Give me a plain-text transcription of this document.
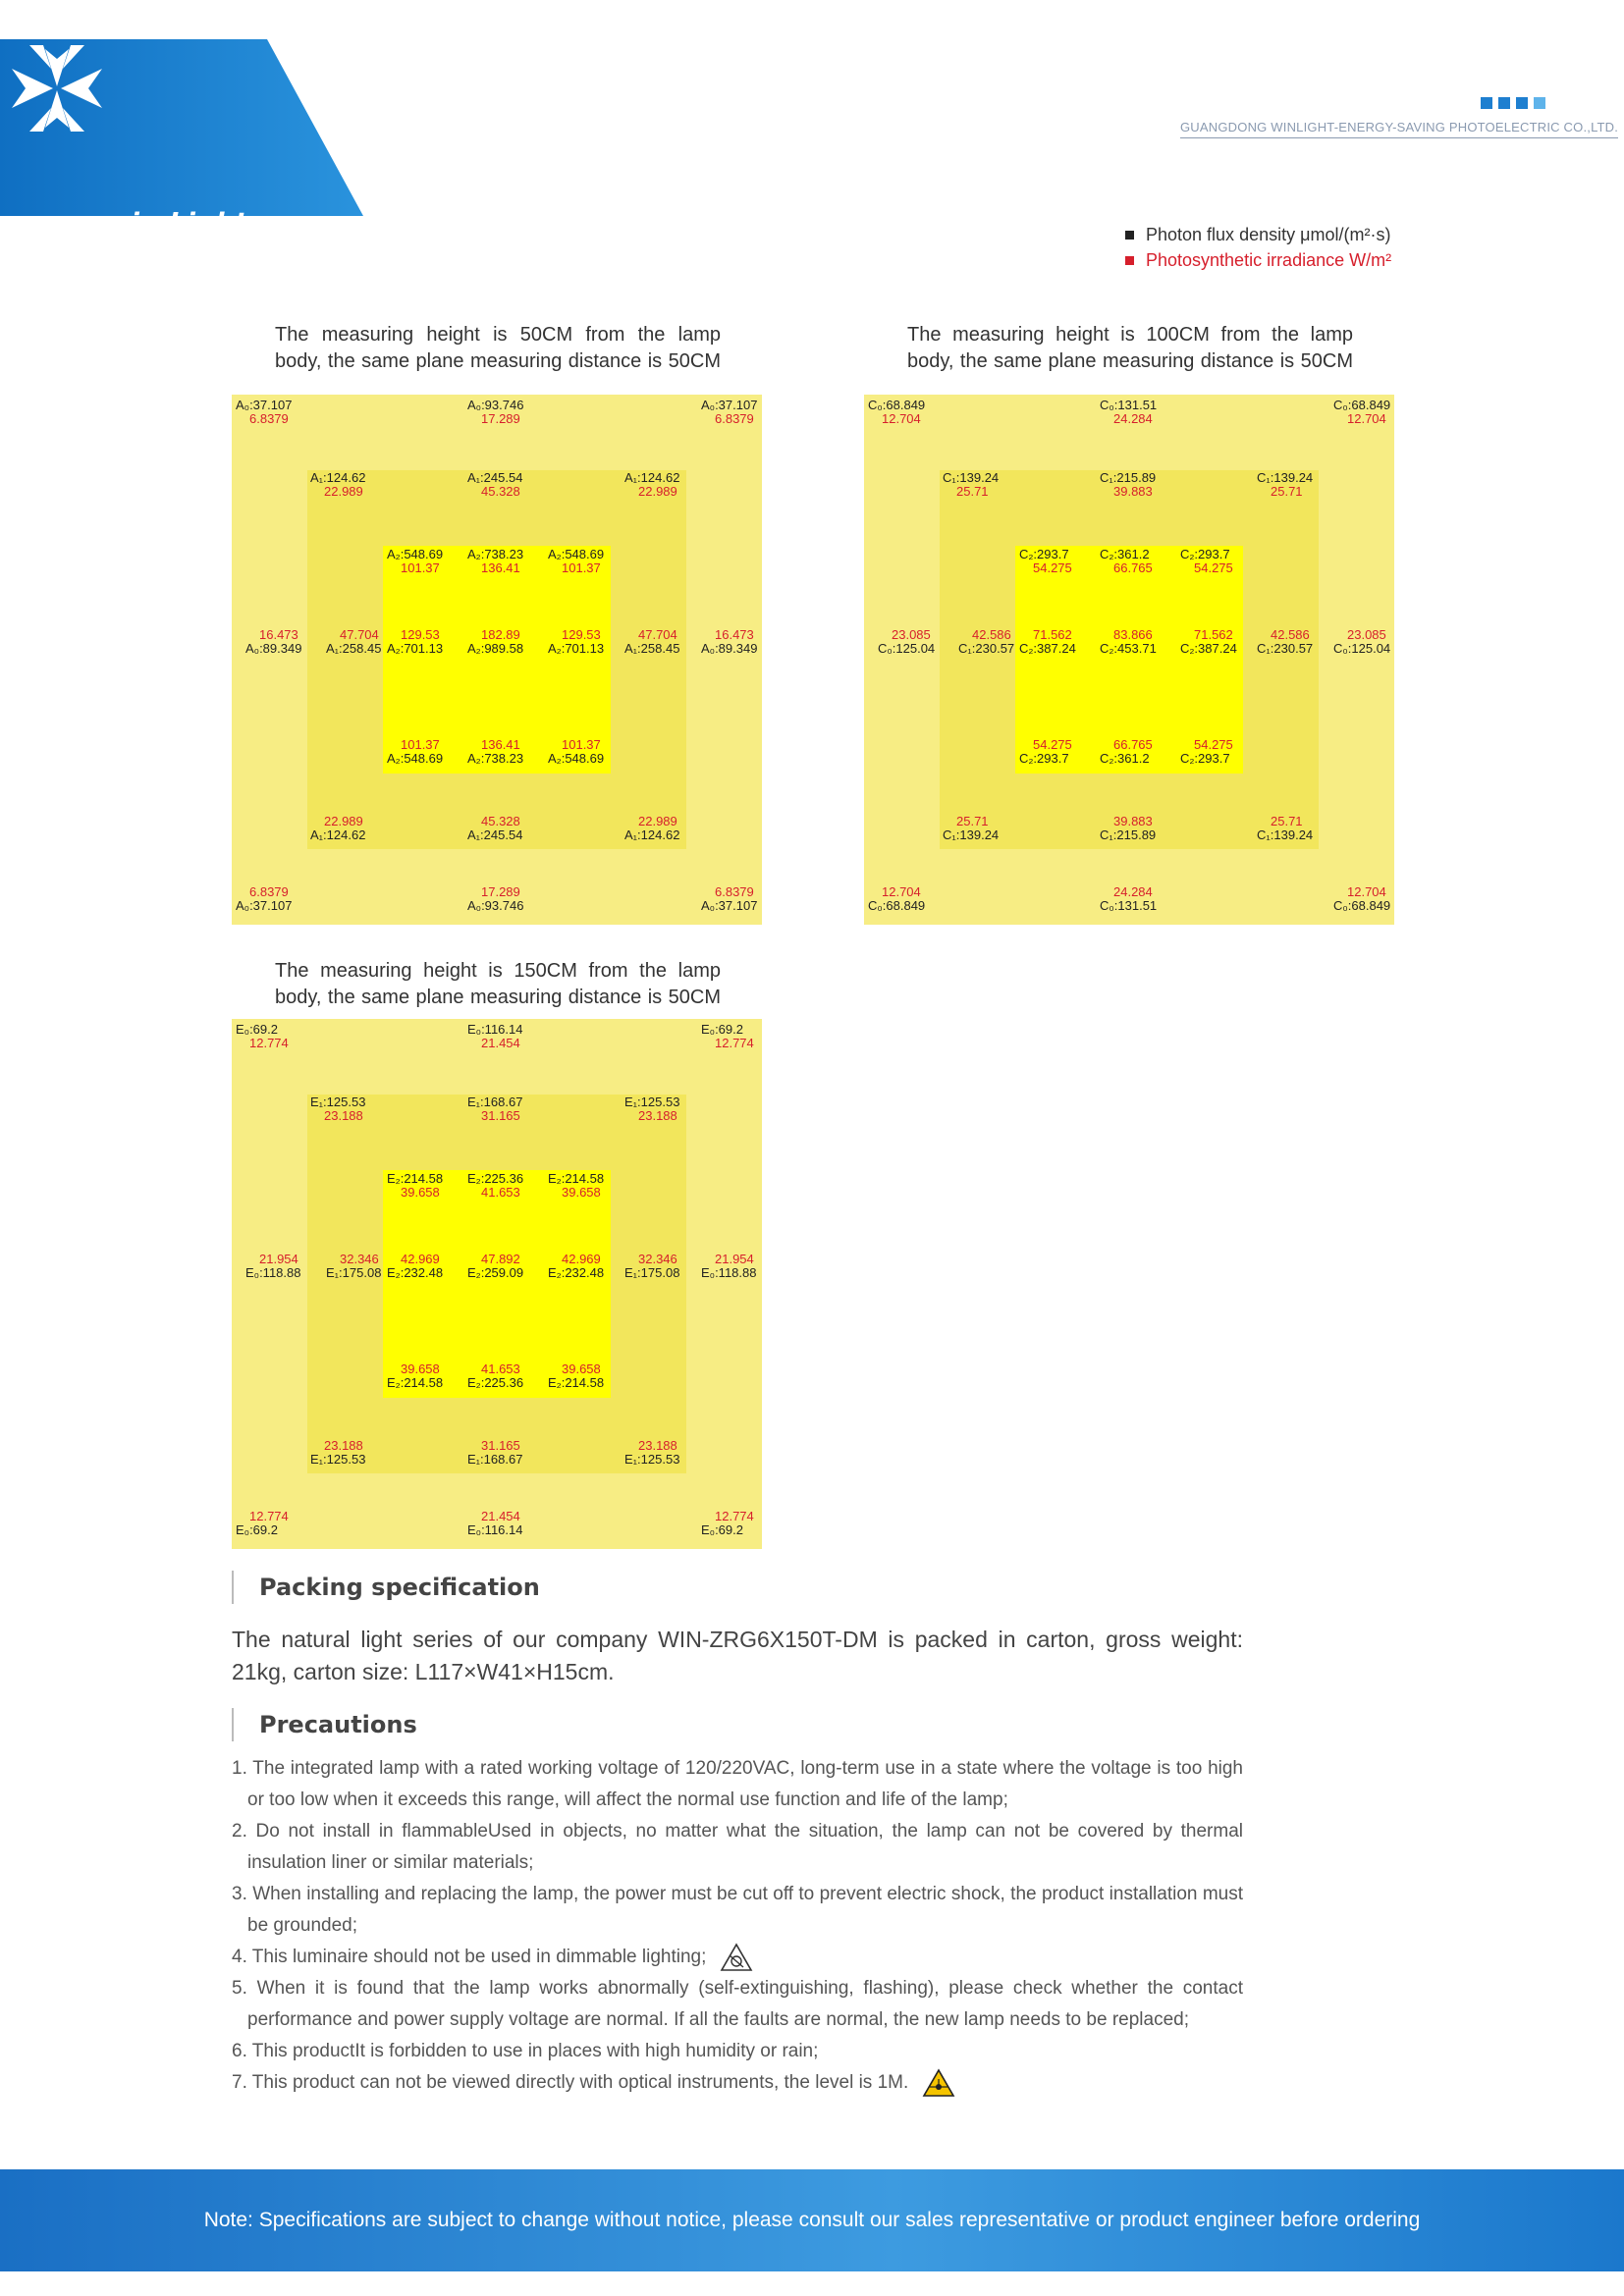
win Light
GUANGDONG WINLIGHT-ENERGY-SAVING PHOTOELECTRIC CO.,LTD.
Photon flux density μmol/(m²·s)
Photosynthetic irradiance W/m²
The measuring height is 50CM from the lamp
body, the same plane measuring distance is 50CM
A₀:37.107
6.8379
A₀:93.746
17.289
A₀:37.107
6.8379
A₁:124.62
22.989
A₁:245.54
45.328
A₁:124.62
22.989
A₂:548.69
101.37
A₂:738.23
136.41
A₂:548.69
101.37
16.473
A₀:89.349
47.704
A₁:258.45
129.53
A₂:701.13
182.89
A₂:989.58
129.53
A₂:701.13
47.704
A₁:258.45
16.473
A₀:89.349
101.37
A₂:548.69
136.41
A₂:738.23
101.37
A₂:548.69
22.989
A₁:124.62
45.328
A₁:245.54
22.989
A₁:124.62
6.8379
A₀:37.107
17.289
A₀:93.746
6.8379
A₀:37.107
The measuring height is 100CM from the lamp
body, the same plane measuring distance is 50CM
C₀:68.849
12.704
C₀:131.51
24.284
C₀:68.849
12.704
C₁:139.24
25.71
C₁:215.89
39.883
C₁:139.24
25.71
C₂:293.7
54.275
C₂:361.2
66.765
C₂:293.7
54.275
23.085
C₀:125.04
42.586
C₁:230.57
71.562
C₂:387.24
83.866
C₂:453.71
71.562
C₂:387.24
42.586
C₁:230.57
23.085
C₀:125.04
54.275
C₂:293.7
66.765
C₂:361.2
54.275
C₂:293.7
25.71
C₁:139.24
39.883
C₁:215.89
25.71
C₁:139.24
12.704
C₀:68.849
24.284
C₀:131.51
12.704
C₀:68.849
The measuring height is 150CM from the lamp
body, the same plane measuring distance is 50CM
E₀:69.2
12.774
E₀:116.14
21.454
E₀:69.2
12.774
E₁:125.53
23.188
E₁:168.67
31.165
E₁:125.53
23.188
E₂:214.58
39.658
E₂:225.36
41.653
E₂:214.58
39.658
21.954
E₀:118.88
32.346
E₁:175.08
42.969
E₂:232.48
47.892
E₂:259.09
42.969
E₂:232.48
32.346
E₁:175.08
21.954
E₀:118.88
39.658
E₂:214.58
41.653
E₂:225.36
39.658
E₂:214.58
23.188
E₁:125.53
31.165
E₁:168.67
23.188
E₁:125.53
12.774
E₀:69.2
21.454
E₀:116.14
12.774
E₀:69.2
Packing specification
The natural light series of our company WIN-ZRG6X150T-DM is packed in carton, gross weight: 21kg, carton size: L117×W41×H15cm.
Precautions
1. The integrated lamp with a rated working voltage of 120/220VAC, long-term use in a state where the voltage is too high or too low when it exceeds this range, will affect the normal use function and life of the lamp;
2. Do not install in flammableUsed in objects, no matter what the situation, the lamp can not be covered by thermal insulation liner or similar materials;
3. When installing and replacing the lamp, the power must be cut off to prevent electric shock, the product installation must be grounded;
4. This luminaire should not be used in dimmable lighting;
5. When it is found that the lamp works abnormally (self-extinguishing, flashing), please check whether the contact performance and power supply voltage are normal. If all the faults are normal, the new lamp needs to be replaced;
6. This productIt is forbidden to use in places with high humidity or rain;
7. This product can not be viewed directly with optical instruments, the level is 1M.
Note: Specifications are subject to change without notice, please consult our sales representative or product engineer before ordering
